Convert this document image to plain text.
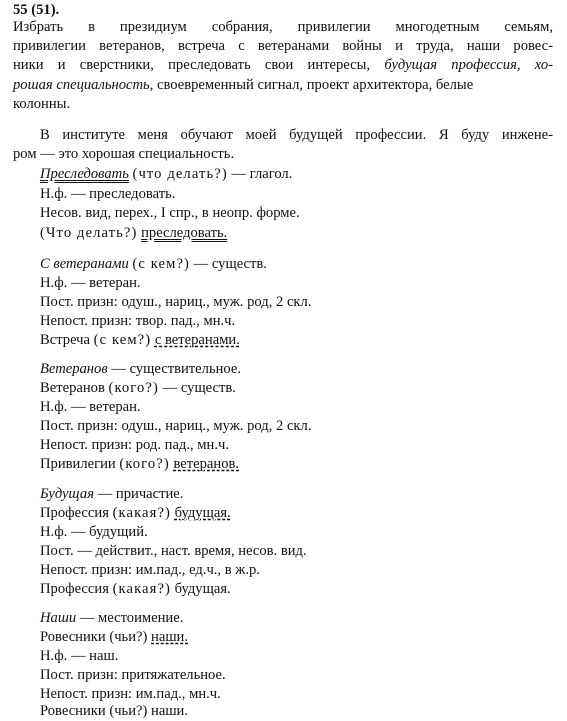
55 (51).
Избрать в президиум собрания, привилегии многодетным семьям,
привилегии ветеранов, встреча с ветеранами войны и труда, наши ровес-
ники и сверстники, преследовать свои интересы, будущая профессия, хо-
рошая специальность, своевременный сигнал, проект архитектора, белые
колонны.
В институте меня обучают моей будущей профессии. Я буду инжене-
ром — это хорошая специальность.
Преследовать (что делать?) — глагол.
Н.ф. — преследовать.
Несов. вид, перех., I спр., в неопр. форме.
(Что делать?) преследовать.
С ветеранами (с кем?) — существ.
Н.ф. — ветеран.
Пост. призн: одуш., нариц., муж. род, 2 скл.
Непост. призн: твор. пад., мн.ч.
Встреча (с кем?) с ветеранами.
Ветеранов — существительное.
Ветеранов (кого?) — существ.
Н.ф. — ветеран.
Пост. призн: одуш., нариц., муж. род, 2 скл.
Непост. призн: род. пад., мн.ч.
Привилегии (кого?) ветеранов.
Будущая — причастие.
Профессия (какая?) будущая.
Н.ф. — будущий.
Пост. — действит., наст. время, несов. вид.
Непост. призн: им.пад., ед.ч., в ж.р.
Профессия (какая?) будущая.
Наши — местоимение.
Ровесники (чьи?) наши.
Н.ф. — наш.
Пост. призн: притяжательное.
Непост. призн: им.пад., мн.ч.
Ровесники (чьи?) наши.
